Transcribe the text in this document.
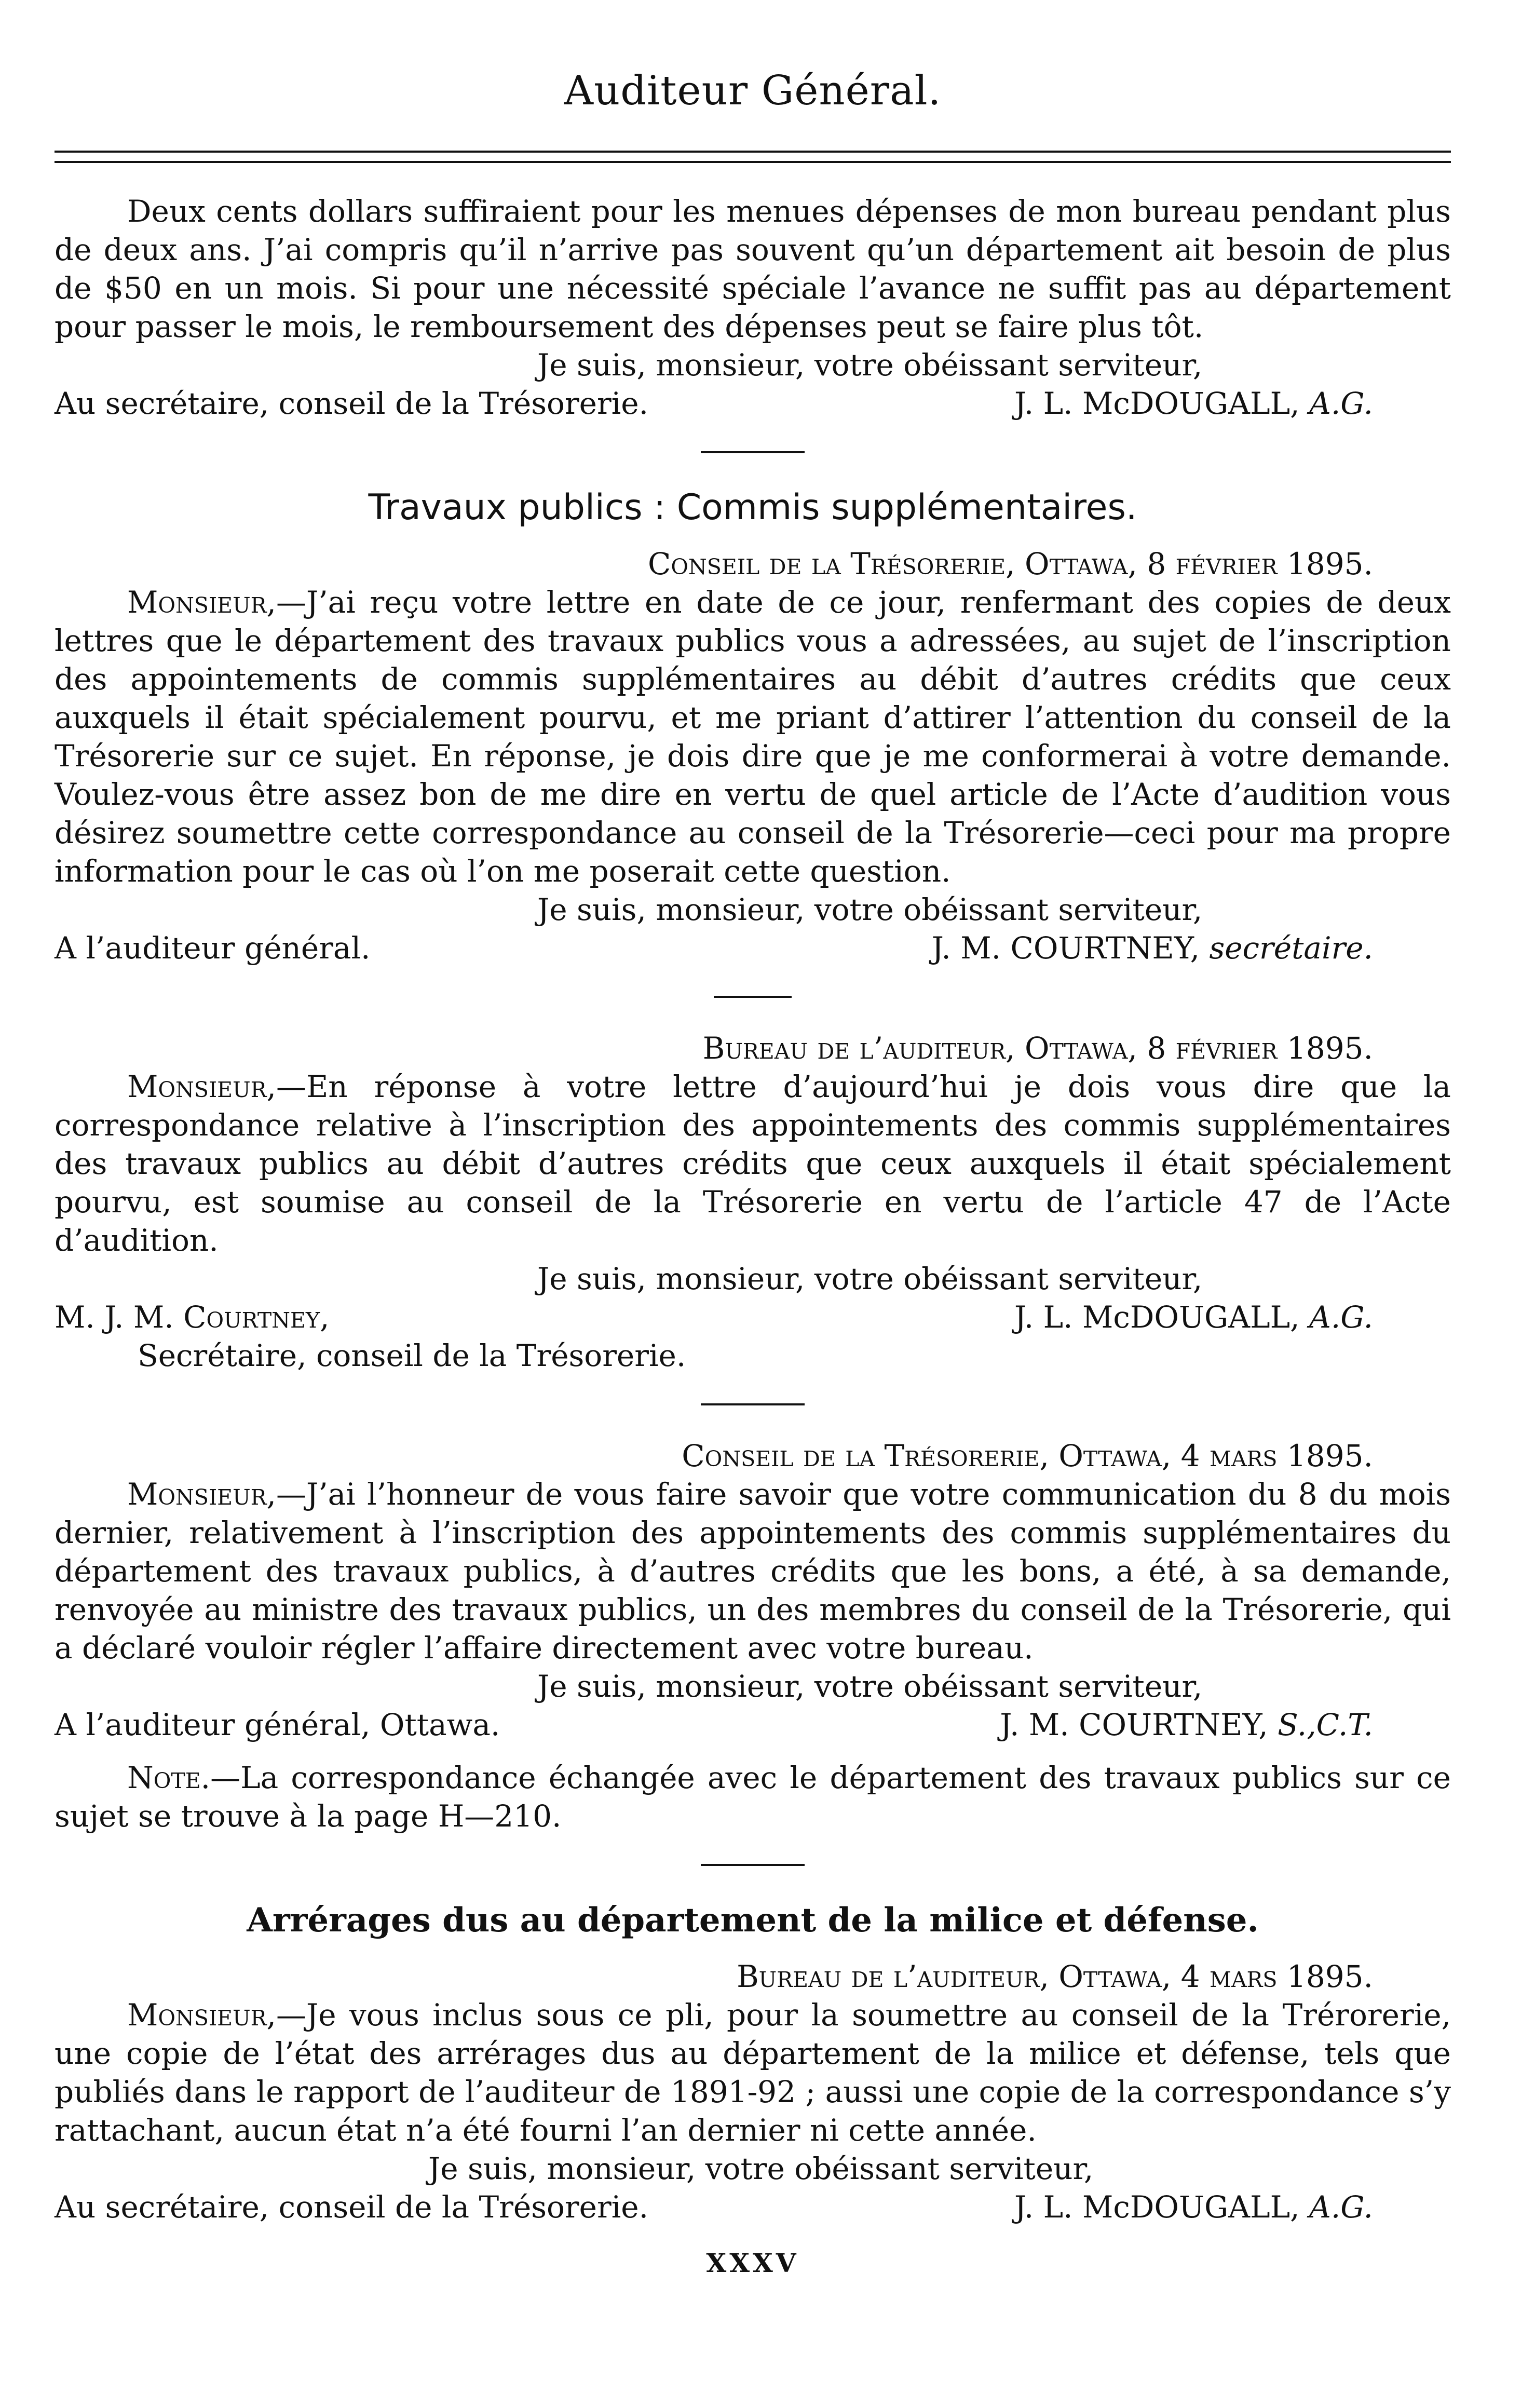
Auditeur Général.

Deux cents dollars suffiraient pour les menues dépenses de mon bureau pendant plus de deux ans. J’ai compris qu’il n’arrive pas souvent qu’un département ait besoin de plus de $50 en un mois. Si pour une nécessité spéciale l’avance ne suffit pas au département pour passer le mois, le remboursement des dépenses peut se faire plus tôt.

Je suis, monsieur, votre obéissant serviteur,
Au secrétaire, conseil de la Trésorerie.	J. L. McDOUGALL, A.G.
Travaux publics : Commis supplémentaires.
Conseil de la Trésorerie, Ottawa, 8 février 1895.

Monsieur,—J’ai reçu votre lettre en date de ce jour, renfermant des copies de deux lettres que le département des travaux publics vous a adressées, au sujet de l’inscription des appointements de commis supplémentaires au débit d’autres crédits que ceux auxquels il était spécialement pourvu, et me priant d’attirer l’attention du conseil de la Trésorerie sur ce sujet. En réponse, je dois dire que je me conformerai à votre demande. Voulez-vous être assez bon de me dire en vertu de quel article de l’Acte d’audition vous désirez soumettre cette correspondance au conseil de la Trésorerie—ceci pour ma propre information pour le cas où l’on me poserait cette question.

Je suis, monsieur, votre obéissant serviteur,
A l’auditeur général.	J. M. COURTNEY, secrétaire.
Bureau de l’auditeur, Ottawa, 8 février 1895.

Monsieur,—En réponse à votre lettre d’aujourd’hui je dois vous dire que la correspondance relative à l’inscription des appointements des commis supplémentaires des travaux publics au débit d’autres crédits que ceux auxquels il était spécialement pourvu, est soumise au conseil de la Trésorerie en vertu de l’article 47 de l’Acte d’audition.

Je suis, monsieur, votre obéissant serviteur,
M. J. M. Courtney,	J. L. McDOUGALL, A.G.
Secrétaire, conseil de la Trésorerie.
Conseil de la Trésorerie, Ottawa, 4 mars 1895.

Monsieur,—J’ai l’honneur de vous faire savoir que votre communication du 8 du mois dernier, relativement à l’inscription des appointements des commis supplémentaires du département des travaux publics, à d’autres crédits que les bons, a été, à sa demande, renvoyée au ministre des travaux publics, un des membres du conseil de la Trésorerie, qui a déclaré vouloir régler l’affaire directement avec votre bureau.

Je suis, monsieur, votre obéissant serviteur,
A l’auditeur général, Ottawa.	J. M. COURTNEY, S.,C.T.

Note.—La correspondance échangée avec le département des travaux publics sur ce sujet se trouve à la page H—210.

Arrérages dus au département de la milice et défense.
Bureau de l’auditeur, Ottawa, 4 mars 1895.

Monsieur,—Je vous inclus sous ce pli, pour la soumettre au conseil de la Trérorerie, une copie de l’état des arrérages dus au département de la milice et défense, tels que publiés dans le rapport de l’auditeur de 1891-92 ; aussi une copie de la correspondance s’y rattachant, aucun état n’a été fourni l’an dernier ni cette année.

Je suis, monsieur, votre obéissant serviteur,
Au secrétaire, conseil de la Trésorerie.	J. L. McDOUGALL, A.G.
XXXV
